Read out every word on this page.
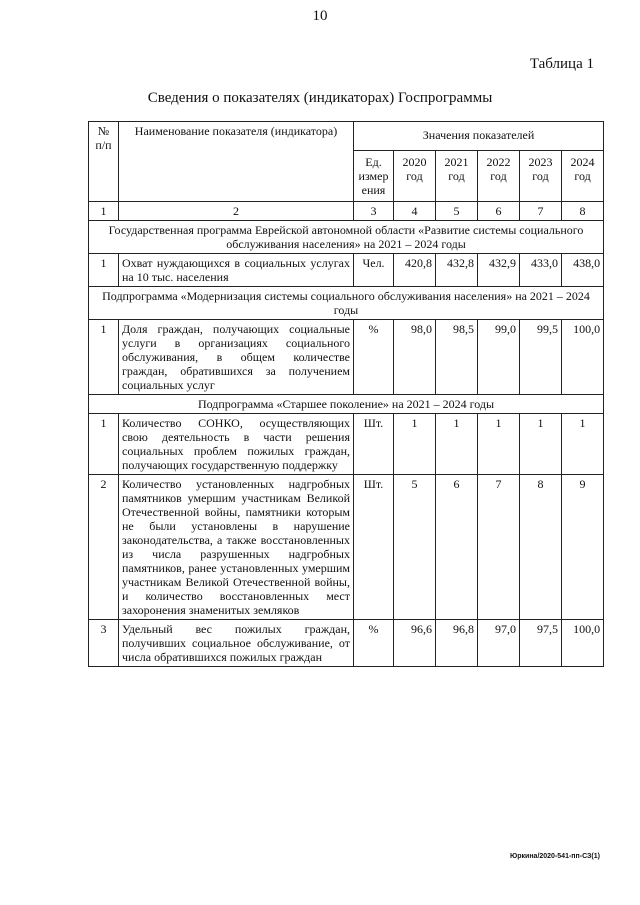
10
Таблица 1
Сведения о показателях (индикаторах) Госпрограммы
№ п/п	Наименование показателя (индикатора)	Значения показателей					
		Ед. измер ения	2020 год	2021 год	2022 год	2023 год	2024 год
1	2	3	4	5	6	7	8
Государственная программа Еврейской автономной области «Развитие системы социального обслуживания населения» на 2021 – 2024 годы							
1	Охват нуждающихся в социальных услугах на 10 тыс. населения	Чел.	420,8	432,8	432,9	433,0	438,0
Подпрограмма «Модернизация системы социального обслуживания населения» на 2021 – 2024 годы							
1	Доля граждан, получающих социальные услуги в организациях социального обслуживания, в общем количестве граждан, обратившихся за получением социальных услуг	%	98,0	98,5	99,0	99,5	100,0
Подпрограмма «Старшее поколение» на 2021 – 2024 годы							
1	Количество СОНКО, осуществляющих свою деятельность в части решения социальных проблем пожилых граждан, получающих государственную поддержку	Шт.	1	1	1	1	1
2	Количество установленных надгробных памятников умершим участникам Великой Отечественной войны, памятники которым не были установлены в нарушение законодательства, а также восстановленных из числа разрушенных надгробных памятников, ранее установленных умершим участникам Великой Отечественной войны, и количество восстановленных мест захоронения знаменитых земляков	Шт.	5	6	7	8	9
3	Удельный вес пожилых граждан, получивших социальное обслуживание, от числа обратившихся пожилых граждан	%	96,6	96,8	97,0	97,5	100,0
Юркина/2020-541-пп-СЗ(1)
